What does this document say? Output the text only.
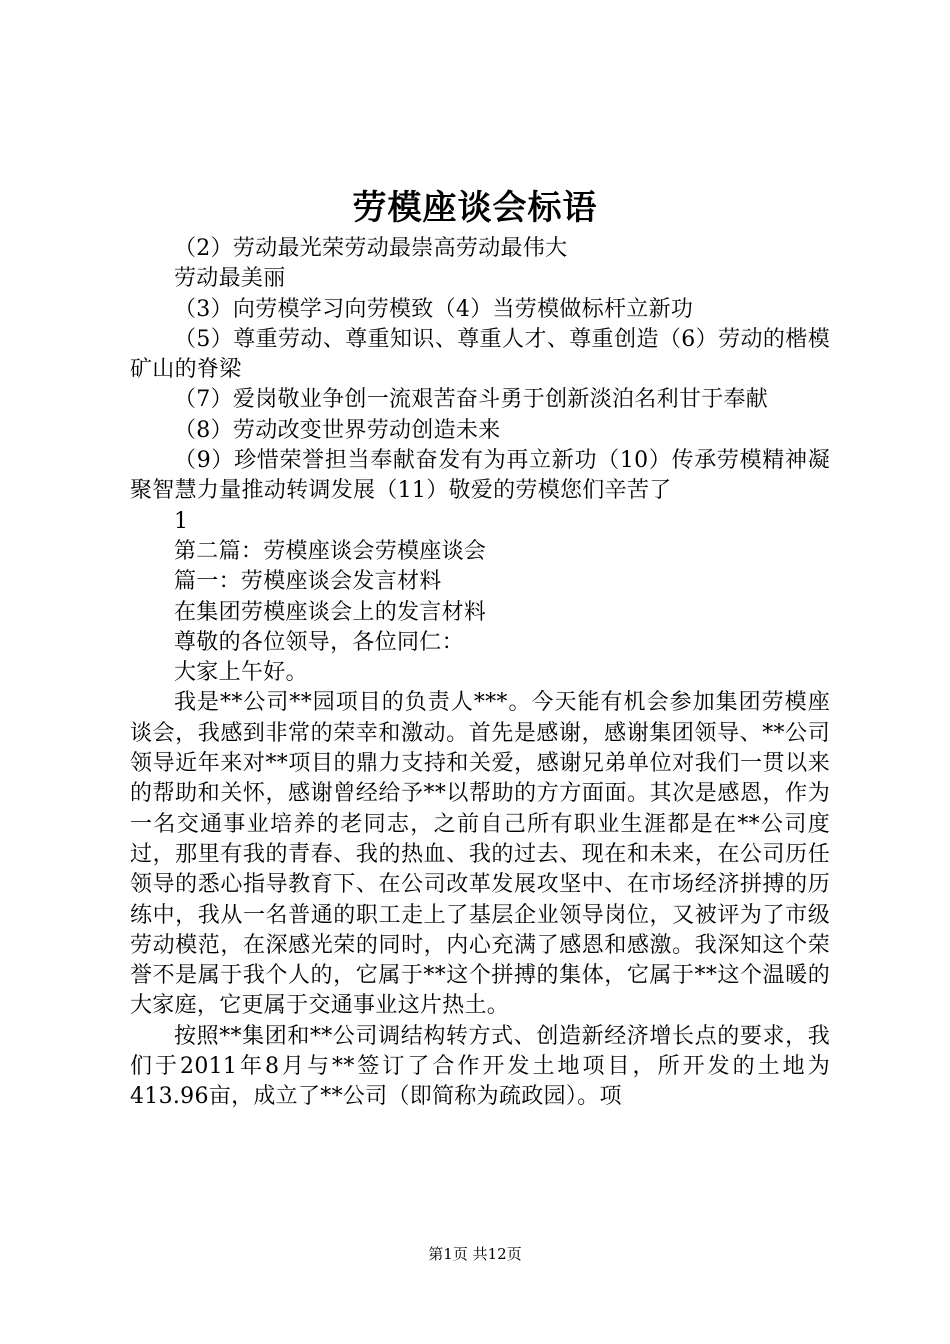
劳模座谈会标语

（2）劳动最光荣劳动最崇高劳动最伟大

劳动最美丽

（3）向劳模学习向劳模致（4）当劳模做标杆立新功

（5）尊重劳动、尊重知识、尊重人才、尊重创造（6）劳动的楷模矿山的脊梁

（7）爱岗敬业争创一流艰苦奋斗勇于创新淡泊名利甘于奉献

（8）劳动改变世界劳动创造未来

（9）珍惜荣誉担当奉献奋发有为再立新功（10）传承劳模精神凝聚智慧力量推动转调发展（11）敬爱的劳模您们辛苦了

1

第二篇：劳模座谈会劳模座谈会

篇一：劳模座谈会发言材料

在集团劳模座谈会上的发言材料

尊敬的各位领导，各位同仁：

大家上午好。

我是**公司**园项目的负责人***。今天能有机会参加集团劳模座谈会，我感到非常的荣幸和激动。首先是感谢，感谢集团领导、**公司领导近年来对**项目的鼎力支持和关爱，感谢兄弟单位对我们一贯以来的帮助和关怀，感谢曾经给予**以帮助的方方面面。其次是感恩，作为一名交通事业培养的老同志，之前自己所有职业生涯都是在**公司度过，那里有我的青春、我的热血、我的过去、现在和未来，在公司历任领导的悉心指导教育下、在公司改革发展攻坚中、在市场经济拼搏的历练中，我从一名普通的职工走上了基层企业领导岗位，又被评为了市级劳动模范，在深感光荣的同时，内心充满了感恩和感激。我深知这个荣誉不是属于我个人的，它属于**这个拼搏的集体，它属于**这个温暖的大家庭，它更属于交通事业这片热土。

按照**集团和**公司调结构转方式、创造新经济增长点的要求，我们于2011年8月与**签订了合作开发土地项目，所开发的土地为413.96亩，成立了**公司（即简称为疏政园）。项

第1页 共12页
